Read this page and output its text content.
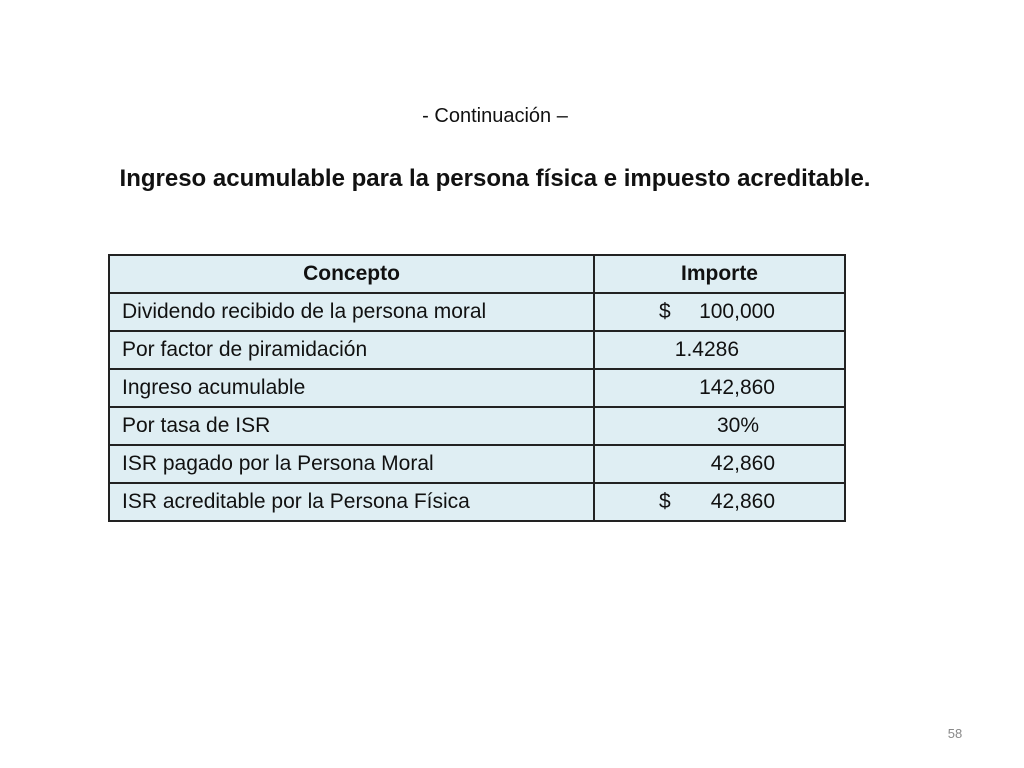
- Continuación –
Ingreso acumulable para la persona física e impuesto acreditable.
Concepto	Importe
Dividendo recibido de la persona moral	$ 100,000

Por factor de piramidación	1.4286

Ingreso acumulable	142,860

Por tasa de ISR	30%

ISR pagado por la Persona Moral	42,860

ISR acreditable por la Persona Física	$ 42,860
58
